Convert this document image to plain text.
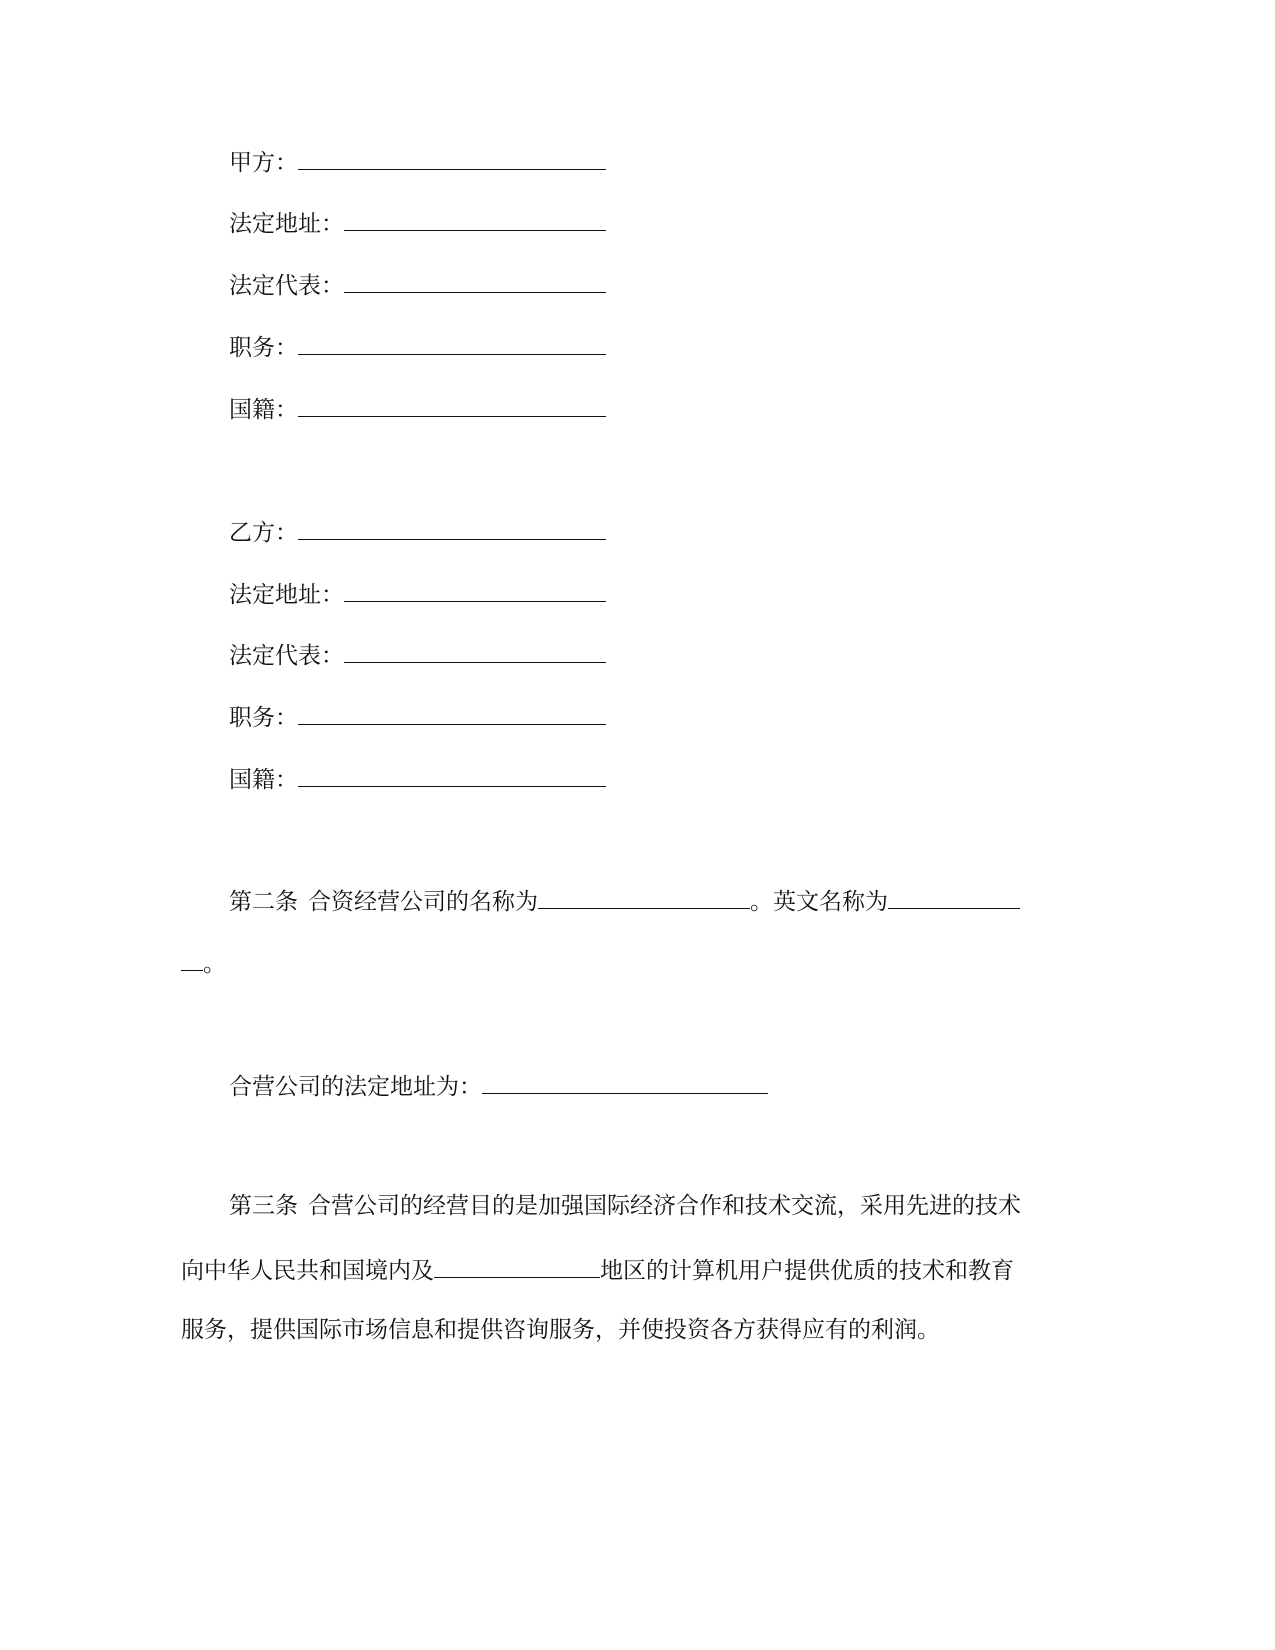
甲方：
法定地址：
法定代表：
职务：
国籍：
乙方：
法定地址：
法定代表：
职务：
国籍：
第二条 合资经营公司的名称为	。英文名称为
。
合营公司的法定地址为：
第三条 合营公司的经营目的是加强国际经济合作和技术交流，采用先进的技术
向中华人民共和国境内及	地区的计算机用户提供优质的技术和教育
服务，提供国际市场信息和提供咨询服务，并使投资各方获得应有的利润。
